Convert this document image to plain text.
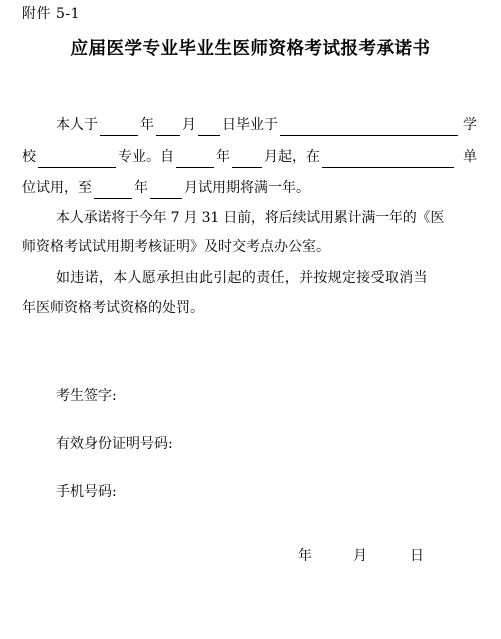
附件 5-1
应届医学专业毕业生医师资格考试报考承诺书
本人于	年 月 日毕业于	学
校	专业。自	年 月起，在	单
位试用，至	年	月试用期将满一年。
本人承诺将于今年 7 月 31 日前，将后续试用累计满一年的《医
师资格考试试用期考核证明》及时交考点办公室。
如违诺，本人愿承担由此引起的责任，并按规定接受取消当
年医师资格考试资格的处罚。
考生签字:
有效身份证明号码:
手机号码:
年	月	日
